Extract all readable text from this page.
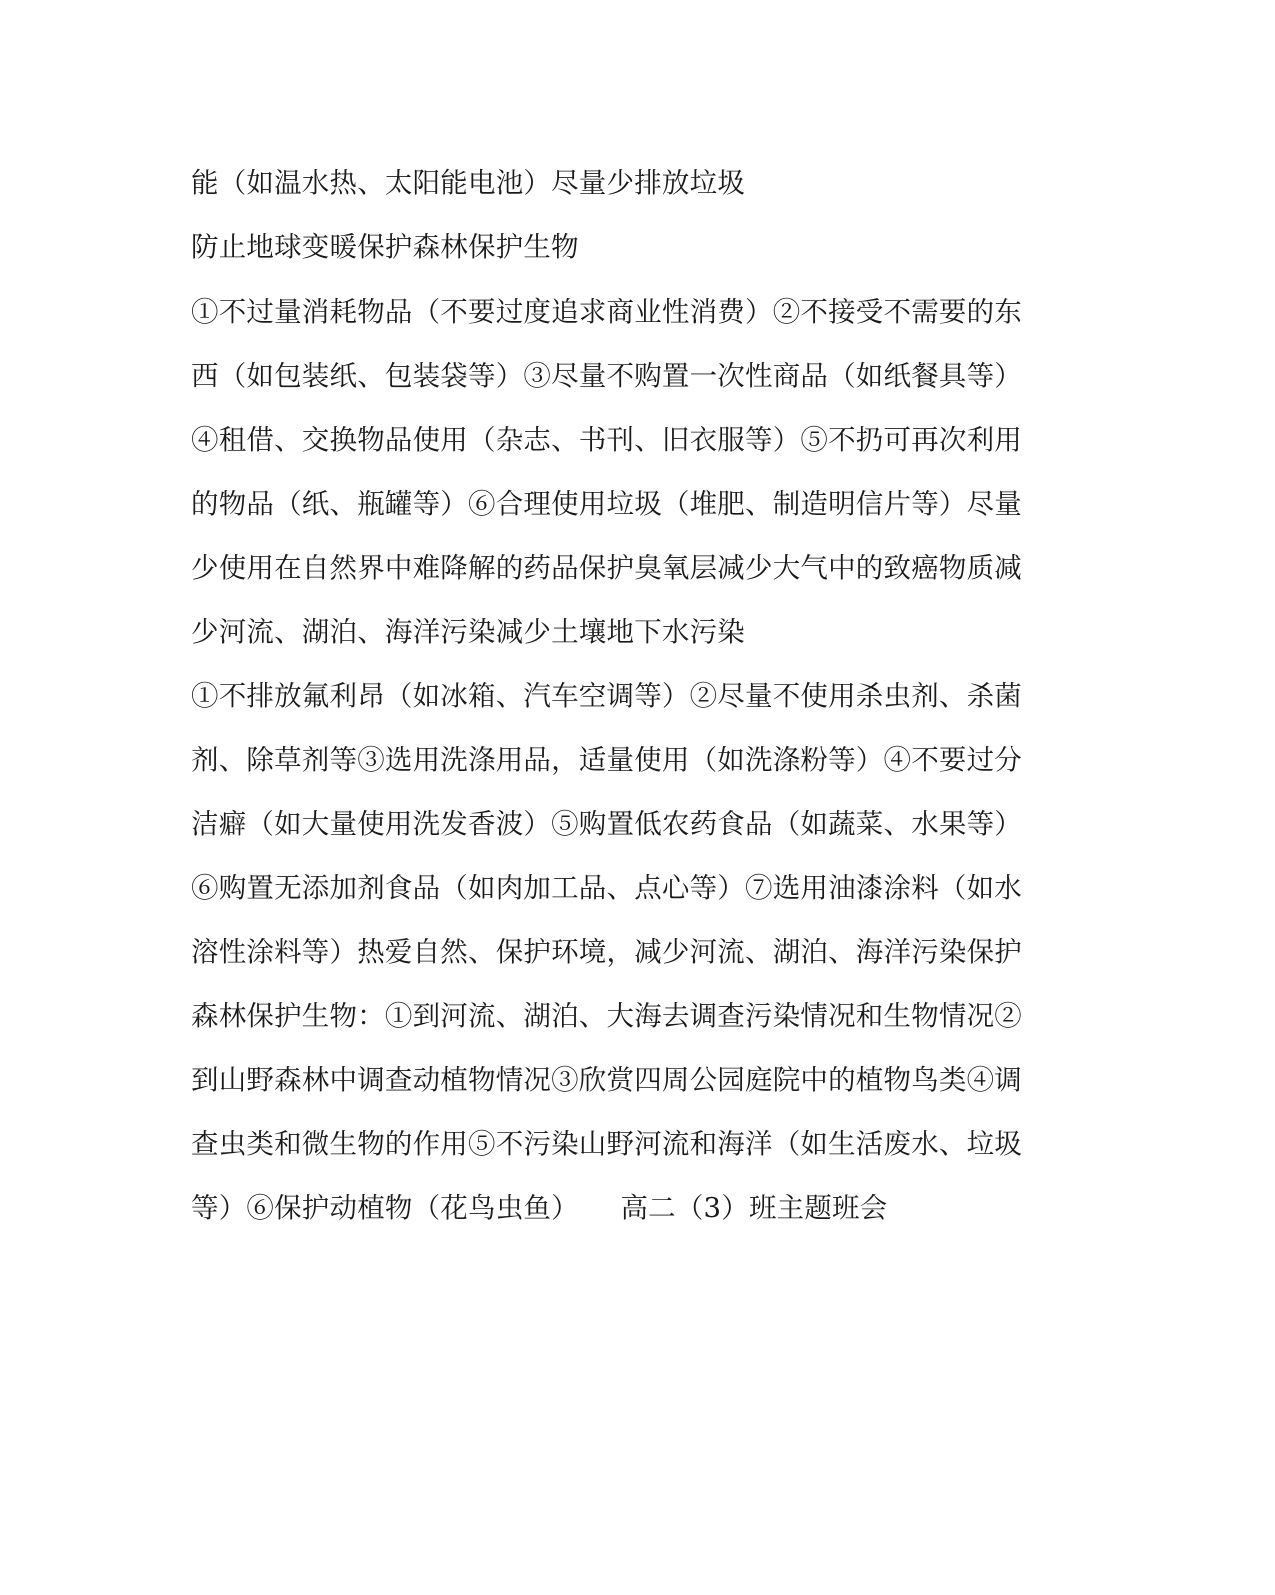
能（如温水热、太阳能电池）尽量少排放垃圾
防止地球变暖保护森林保护生物
①不过量消耗物品（不要过度追求商业性消费）②不接受不需要的东
西（如包装纸、包装袋等）③尽量不购置一次性商品（如纸餐具等）
④租借、交换物品使用（杂志、书刊、旧衣服等）⑤不扔可再次利用
的物品（纸、瓶罐等）⑥合理使用垃圾（堆肥、制造明信片等）尽量
少使用在自然界中难降解的药品保护臭氧层减少大气中的致癌物质减
少河流、湖泊、海洋污染减少土壤地下水污染
①不排放氟利昂（如冰箱、汽车空调等）②尽量不使用杀虫剂、杀菌
剂、除草剂等③选用洗涤用品，适量使用（如洗涤粉等）④不要过分
洁癖（如大量使用洗发香波）⑤购置低农药食品（如蔬菜、水果等）
⑥购置无添加剂食品（如肉加工品、点心等）⑦选用油漆涂料（如水
溶性涂料等）热爱自然、保护环境，减少河流、湖泊、海洋污染保护
森林保护生物：①到河流、湖泊、大海去调查污染情况和生物情况②
到山野森林中调查动植物情况③欣赏四周公园庭院中的植物鸟类④调
查虫类和微生物的作用⑤不污染山野河流和海洋（如生活废水、垃圾
等）⑥保护动植物（花鸟虫鱼）　　高二（3）班主题班会
